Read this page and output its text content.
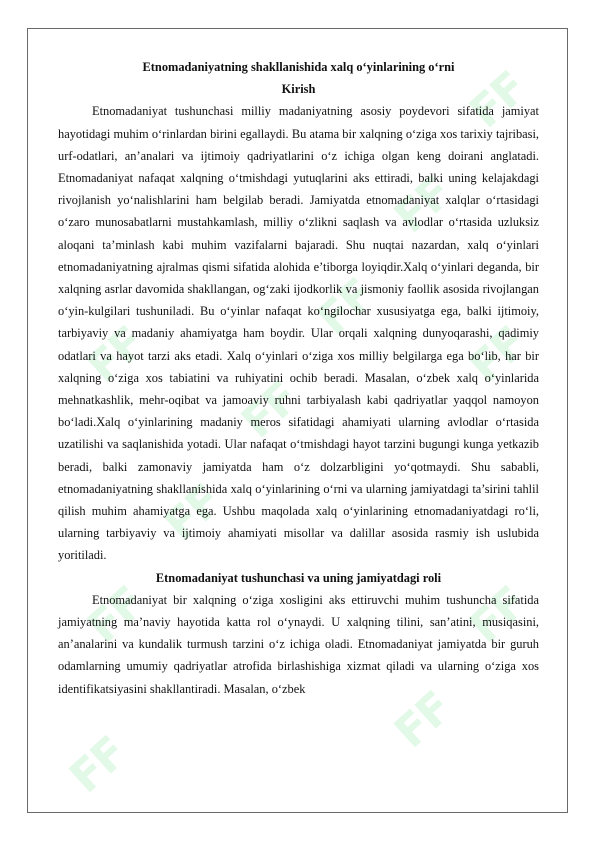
FF
FF
FF
FF
FF
FF	FF
FF
FF
FF
FF
Etnomadaniyatning shakllanishida xalq o‘yinlarining o‘rni
Kirish

Etnomadaniyat tushunchasi milliy madaniyatning asosiy poydevori sifatida jamiyat hayotidagi muhim o‘rinlardan birini egallaydi. Bu atama bir xalqning o‘ziga xos tarixiy tajribasi, urf-odatlari, an’analari va ijtimoiy qadriyatlarini o‘z ichiga olgan keng doirani anglatadi. Etnomadaniyat nafaqat xalqning o‘tmishdagi yutuqlarini aks ettiradi, balki uning kelajakdagi rivojlanish yo‘nalishlarini ham belgilab beradi. Jamiyatda etnomadaniyat xalqlar o‘rtasidagi o‘zaro munosabatlarni mustahkamlash, milliy o‘zlikni saqlash va avlodlar o‘rtasida uzluksiz aloqani ta’minlash kabi muhim vazifalarni bajaradi. Shu nuqtai nazardan, xalq o‘yinlari etnomadaniyatning ajralmas qismi sifatida alohida e’tiborga loyiqdir.Xalq o‘yinlari deganda, bir xalqning asrlar davomida shakllangan, og‘zaki ijodkorlik va jismoniy faollik asosida rivojlangan o‘yin-kulgilari tushuniladi. Bu o‘yinlar nafaqat ko‘ngilochar xususiyatga ega, balki ijtimoiy, tarbiyaviy va madaniy ahamiyatga ham boydir. Ular orqali xalqning dunyoqarashi, qadimiy odatlari va hayot tarzi aks etadi. Xalq o‘yinlari o‘ziga xos milliy belgilarga ega bo‘lib, har bir xalqning o‘ziga xos tabiatini va ruhiyatini ochib beradi. Masalan, o‘zbek xalq o‘yinlarida mehnatkashlik, mehr-oqibat va jamoaviy ruhni tarbiyalash kabi qadriyatlar yaqqol namoyon bo‘ladi.Xalq o‘yinlarining madaniy meros sifatidagi ahamiyati ularning avlodlar o‘rtasida uzatilishi va saqlanishida yotadi. Ular nafaqat o‘tmishdagi hayot tarzini bugungi kunga yetkazib beradi, balki zamonaviy jamiyatda ham o‘z dolzarbligini yo‘qotmaydi. Shu sababli, etnomadaniyatning shakllanishida xalq o‘yinlarining o‘rni va ularning jamiyatdagi ta’sirini tahlil qilish muhim ahamiyatga ega. Ushbu maqolada xalq o‘yinlarining etnomadaniyatdagi ro‘li, ularning tarbiyaviy va ijtimoiy ahamiyati misollar va dalillar asosida rasmiy ish uslubida yoritiladi.

Etnomadaniyat tushunchasi va uning jamiyatdagi roli

Etnomadaniyat bir xalqning o‘ziga xosligini aks ettiruvchi muhim tushuncha sifatida jamiyatning ma’naviy hayotida katta rol o‘ynaydi. U xalqning tilini, san’atini, musiqasini, an’analarini va kundalik turmush tarzini o‘z ichiga oladi. Etnomadaniyat jamiyatda bir guruh odamlarning umumiy qadriyatlar atrofida birlashishiga xizmat qiladi va ularning o‘ziga xos identifikatsiyasini shakllantiradi. Masalan, o‘zbek
